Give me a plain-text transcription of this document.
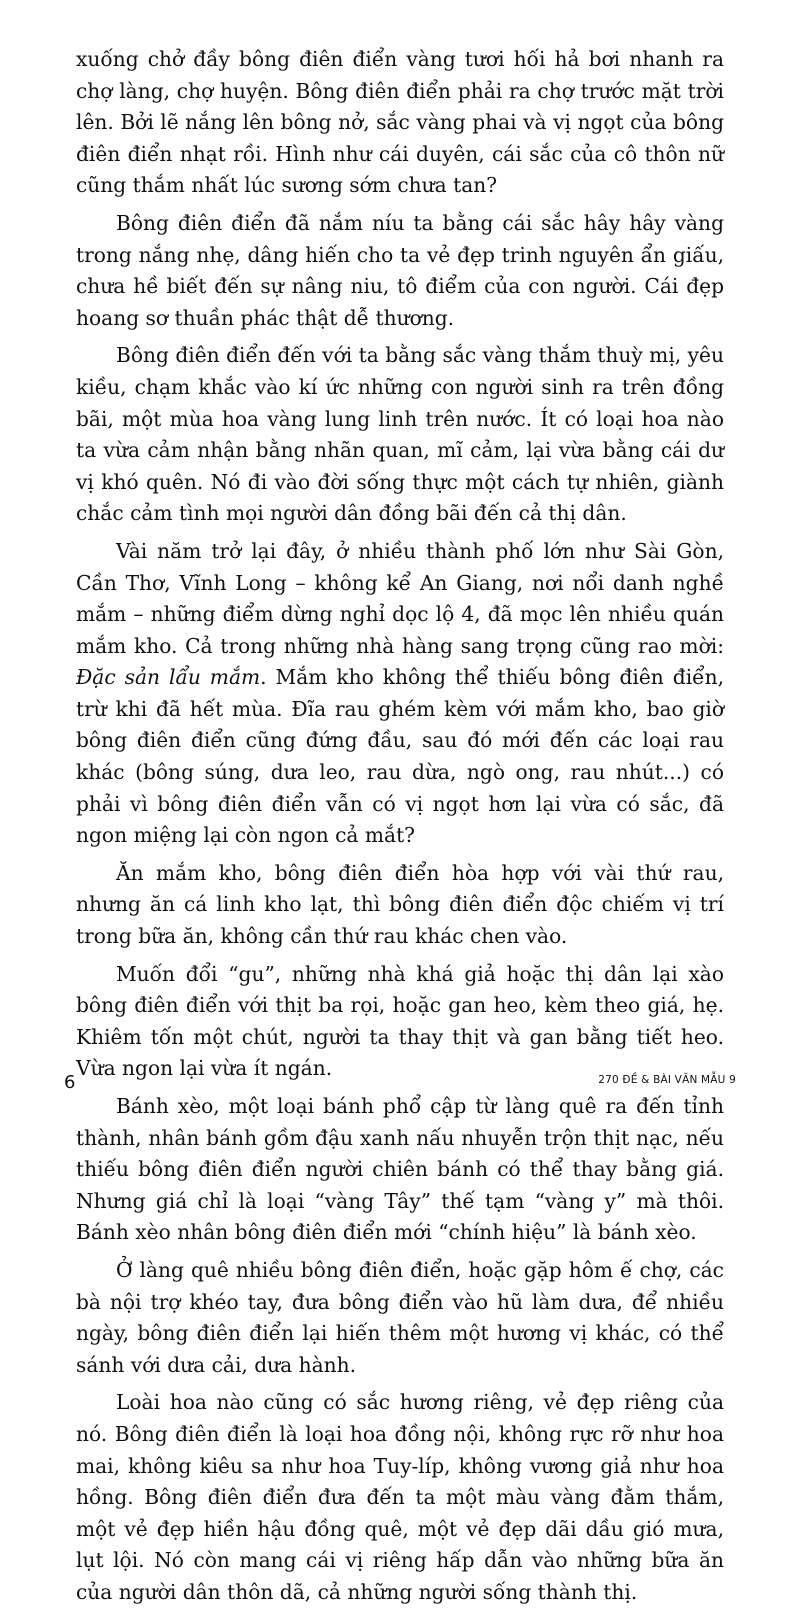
xuống chở đầy bông điên điển vàng tươi hối hả bơi nhanh ra chợ làng, chợ huyện. Bông điên điển phải ra chợ trước mặt trời lên. Bởi lẽ nắng lên bông nở, sắc vàng phai và vị ngọt của bông điên điển nhạt rồi. Hình như cái duyên, cái sắc của cô thôn nữ cũng thắm nhất lúc sương sớm chưa tan?

Bông điên điển đã nắm níu ta bằng cái sắc hây hây vàng trong nắng nhẹ, dâng hiến cho ta vẻ đẹp trinh nguyên ẩn giấu, chưa hề biết đến sự nâng niu, tô điểm của con người. Cái đẹp hoang sơ thuần phác thật dễ thương.

Bông điên điển đến với ta bằng sắc vàng thắm thuỳ mị, yêu kiều, chạm khắc vào kí ức những con người sinh ra trên đồng bãi, một mùa hoa vàng lung linh trên nước. Ít có loại hoa nào ta vừa cảm nhận bằng nhãn quan, mĩ cảm, lại vừa bằng cái dư vị khó quên. Nó đi vào đời sống thực một cách tự nhiên, giành chắc cảm tình mọi người dân đồng bãi đến cả thị dân.

Vài năm trở lại đây, ở nhiều thành phố lớn như Sài Gòn, Cần Thơ, Vĩnh Long – không kể An Giang, nơi nổi danh nghề mắm – những điểm dừng nghỉ dọc lộ 4, đã mọc lên nhiều quán mắm kho. Cả trong những nhà hàng sang trọng cũng rao mời: Đặc sản lẩu mắm. Mắm kho không thể thiếu bông điên điển, trừ khi đã hết mùa. Đĩa rau ghém kèm với mắm kho, bao giờ bông điên điển cũng đứng đầu, sau đó mới đến các loại rau khác (bông súng, dưa leo, rau dừa, ngò ong, rau nhút...) có phải vì bông điên điển vẫn có vị ngọt hơn lại vừa có sắc, đã ngon miệng lại còn ngon cả mắt?

Ăn mắm kho, bông điên điển hòa hợp với vài thứ rau, nhưng ăn cá linh kho lạt, thì bông điên điển độc chiếm vị trí trong bữa ăn, không cần thứ rau khác chen vào.

Muốn đổi “gu”, những nhà khá giả hoặc thị dân lại xào bông điên điển với thịt ba rọi, hoặc gan heo, kèm theo giá, hẹ. Khiêm tốn một chút, người ta thay thịt và gan bằng tiết heo. Vừa ngon lại vừa ít ngán.

Bánh xèo, một loại bánh phổ cập từ làng quê ra đến tỉnh thành, nhân bánh gồm đậu xanh nấu nhuyễn trộn thịt nạc, nếu thiếu bông điên điển người chiên bánh có thể thay bằng giá. Nhưng giá chỉ là loại “vàng Tây” thế tạm “vàng y” mà thôi. Bánh xèo nhân bông điên điển mới “chính hiệu” là bánh xèo.

Ở làng quê nhiều bông điên điển, hoặc gặp hôm ế chợ, các bà nội trợ khéo tay, đưa bông điển vào hũ làm dưa, để nhiều ngày, bông điên điển lại hiến thêm một hương vị khác, có thể sánh với dưa cải, dưa hành.

Loài hoa nào cũng có sắc hương riêng, vẻ đẹp riêng của nó. Bông điên điển là loại hoa đồng nội, không rực rỡ như hoa mai, không kiêu sa như hoa Tuy-líp, không vương giả như hoa hồng. Bông điên điển đưa đến ta một màu vàng đằm thắm, một vẻ đẹp hiền hậu đồng quê, một vẻ đẹp dãi dầu gió mưa, lụt lội. Nó còn mang cái vị riêng hấp dẫn vào những bữa ăn của người dân thôn dã, cả những người sống thành thị.

6	270 ĐỀ & BÀI VĂN MẪU 9
